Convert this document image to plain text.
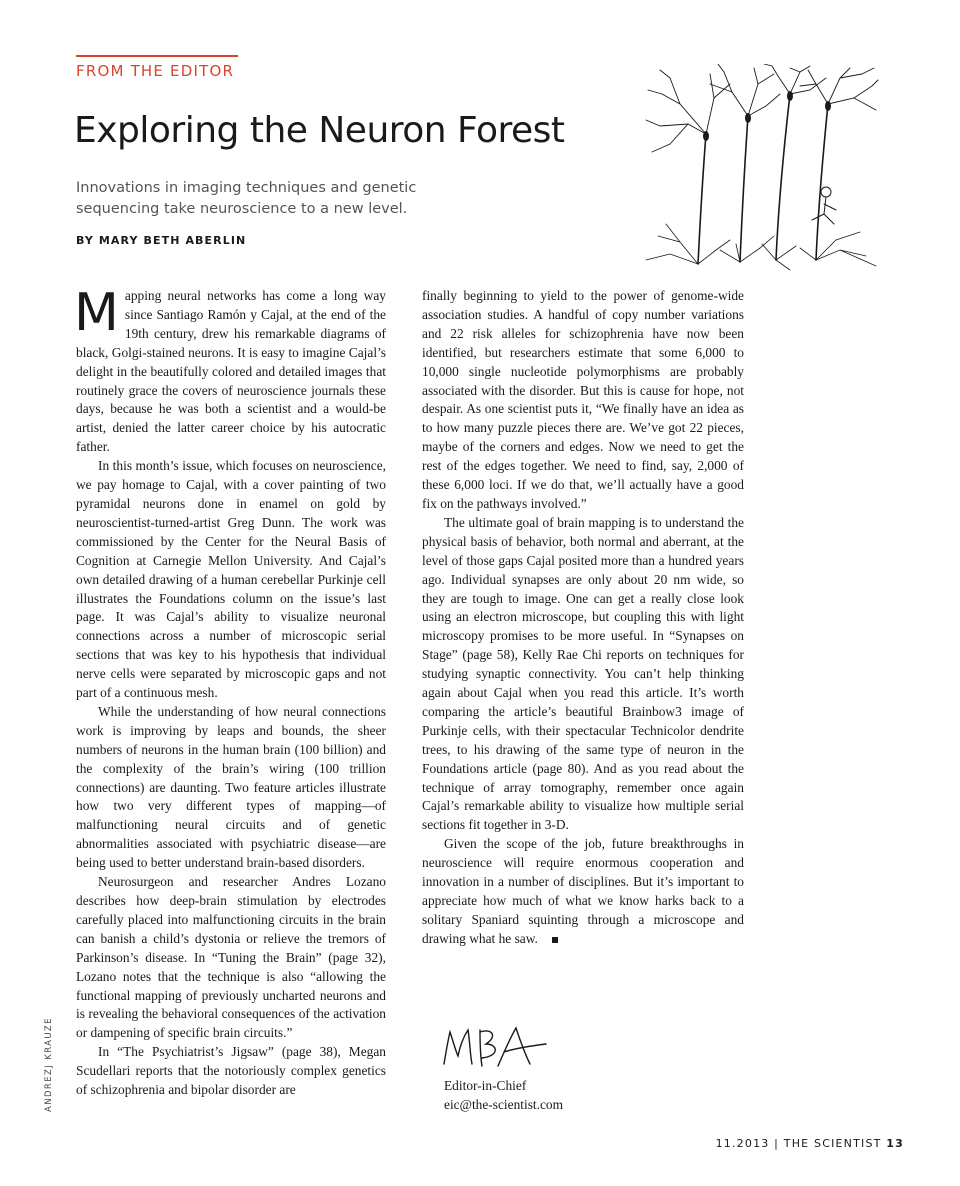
FROM THE EDITOR
Exploring the Neuron Forest

Innovations in imaging techniques and genetic sequencing take neuroscience to a new level.

BY MARY BETH ABERLIN

Mapping neural networks has come a long way since Santiago Ramón y Cajal, at the end of the 19th century, drew his remarkable diagrams of black, Golgi-stained neurons. It is easy to imagine Cajal’s delight in the beautifully colored and detailed images that routinely grace the covers of neuroscience journals these days, because he was both a scientist and a would-be artist, denied the latter career choice by his autocratic father.

In this month’s issue, which focuses on neuroscience, we pay homage to Cajal, with a cover painting of two pyramidal neurons done in enamel on gold by neuroscientist-turned-artist Greg Dunn. The work was commissioned by the Center for the Neural Basis of Cognition at Carnegie Mellon University. And Cajal’s own detailed drawing of a human cerebellar Purkinje cell illustrates the Foundations column on the issue’s last page. It was Cajal’s ability to visualize neuronal connections across a number of microscopic serial sections that was key to his hypothesis that individual nerve cells were separated by microscopic gaps and not part of a continuous mesh.

While the understanding of how neural connections work is improving by leaps and bounds, the sheer numbers of neurons in the human brain (100 billion) and the complexity of the brain’s wiring (100 trillion connections) are daunting. Two feature articles illustrate how two very different types of mapping—of malfunctioning neural circuits and of genetic abnormalities associated with psychiatric disease—are being used to better understand brain-based disorders.

Neurosurgeon and researcher Andres Lozano describes how deep-brain stimulation by electrodes carefully placed into malfunctioning circuits in the brain can banish a child’s dystonia or relieve the tremors of Parkinson’s disease. In “Tuning the Brain” (page 32), Lozano notes that the technique is also “allowing the functional mapping of previously uncharted neurons and is revealing the behavioral consequences of the activation or dampening of specific brain circuits.”

In “The Psychiatrist’s Jigsaw” (page 38), Megan Scudellari reports that the notoriously complex genetics of schizophrenia and bipolar disorder are

finally beginning to yield to the power of genome-wide association studies. A handful of copy number variations and 22 risk alleles for schizophrenia have now been identified, but researchers estimate that some 6,000 to 10,000 single nucleotide polymorphisms are probably associated with the disorder. But this is cause for hope, not despair. As one scientist puts it, “We finally have an idea as to how many puzzle pieces there are. We’ve got 22 pieces, maybe of the corners and edges. Now we need to get the rest of the edges together. We need to find, say, 2,000 of these 6,000 loci. If we do that, we’ll actually have a good fix on the pathways involved.”

The ultimate goal of brain mapping is to understand the physical basis of behavior, both normal and aberrant, at the level of those gaps Cajal posited more than a hundred years ago. Individual synapses are only about 20 nm wide, so they are tough to image. One can get a really close look using an electron microscope, but coupling this with light microscopy promises to be more useful. In “Synapses on Stage” (page 58), Kelly Rae Chi reports on techniques for studying synaptic connectivity. You can’t help thinking again about Cajal when you read this article. It’s worth comparing the article’s beautiful Brainbow3 image of Purkinje cells, with their spectacular Technicolor dendrite trees, to his drawing of the same type of neuron in the Foundations article (page 80). And as you read about the technique of array tomography, remember once again Cajal’s remarkable ability to visualize how multiple serial sections fit together in 3-D.

Given the scope of the job, future breakthroughs in neuroscience will require enormous cooperation and innovation in a number of disciplines. But it’s important to appreciate how much of what we know harks back to a solitary Spaniard squinting through a microscope and drawing what he saw.

Editor-in-Chief

eic@the-scientist.com

ANDREZJ KRAUZE

11.2013 | THE SCIENTIST 13
